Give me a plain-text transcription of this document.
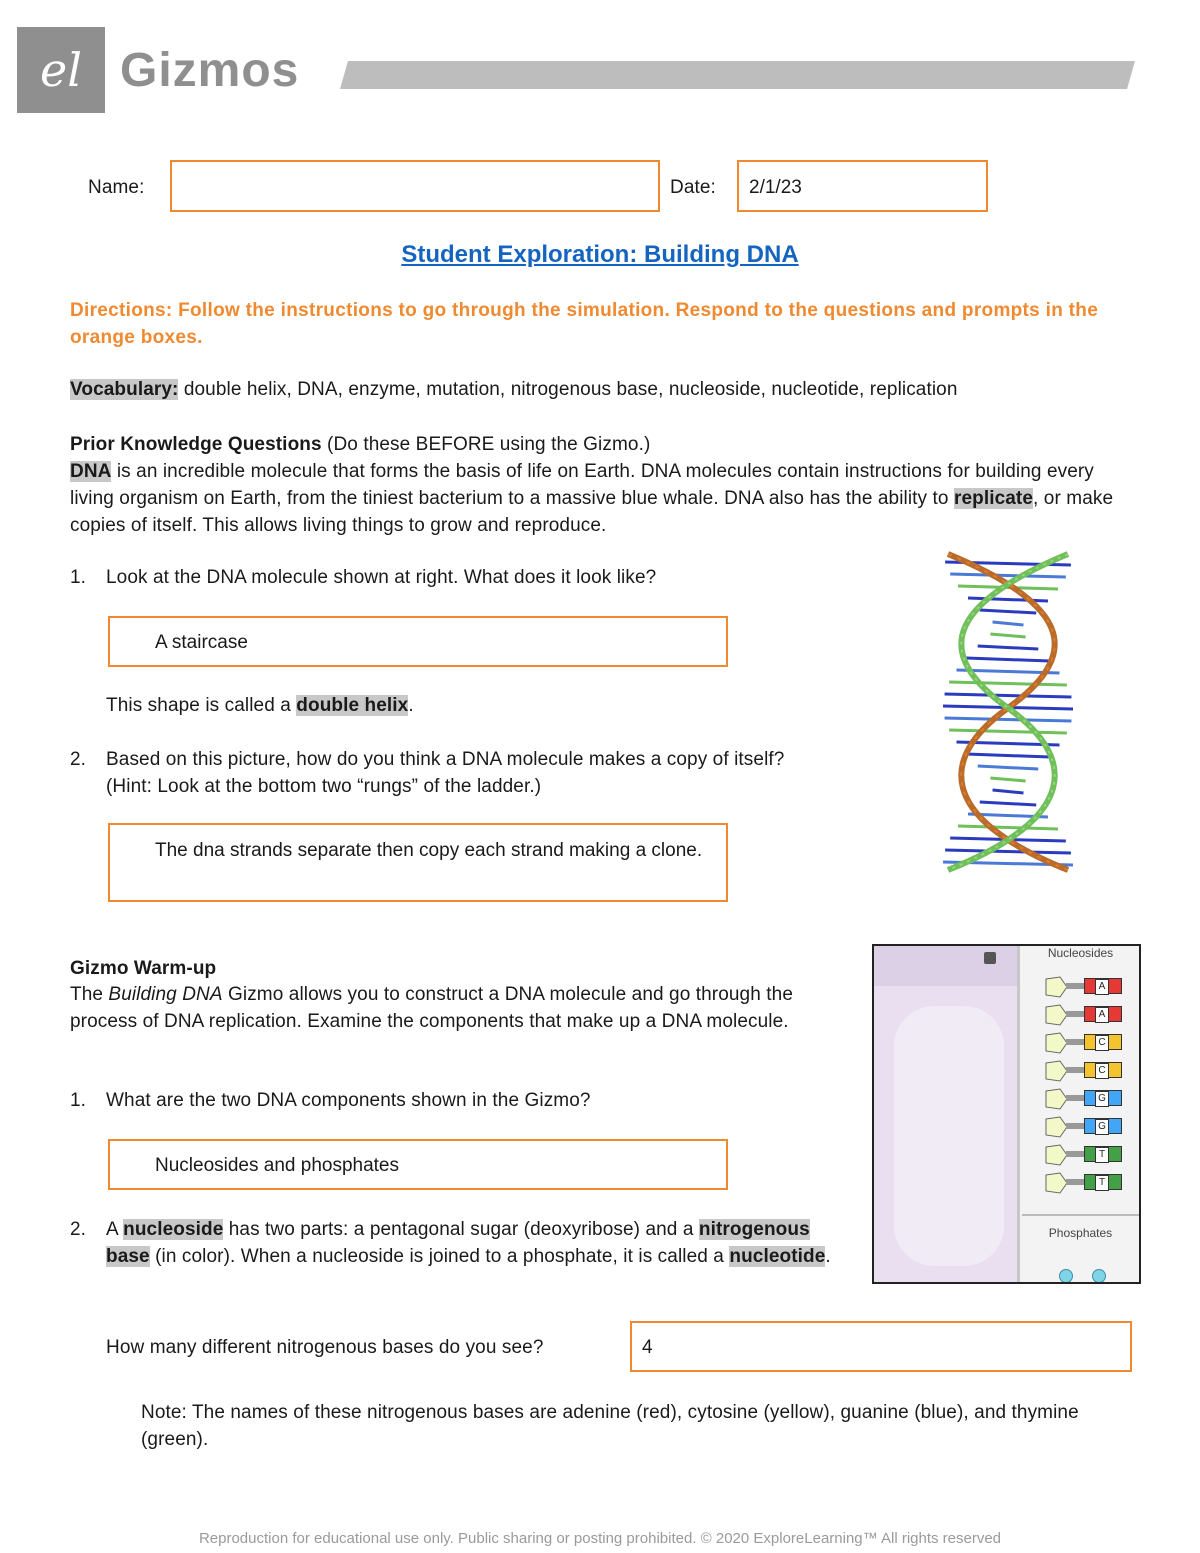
el Gizmos
Name:	Date: 2/1/23
Student Exploration: Building DNA
Directions: Follow the instructions to go through the simulation. Respond to the questions and prompts in the orange boxes.
Vocabulary: double helix, DNA, enzyme, mutation, nitrogenous base, nucleoside, nucleotide, replication
Prior Knowledge Questions (Do these BEFORE using the Gizmo.)
DNA is an incredible molecule that forms the basis of life on Earth. DNA molecules contain instructions for building every living organism on Earth, from the tiniest bacterium to a massive blue whale. DNA also has the ability to replicate, or make copies of itself. This allows living things to grow and reproduce.
1. Look at the DNA molecule shown at right. What does it look like?
A staircase
This shape is called a double helix.
2. Based on this picture, how do you think a DNA molecule makes a copy of itself?
(Hint: Look at the bottom two “rungs” of the ladder.)
The dna strands separate then copy each strand making a clone.
Gizmo Warm-up
The Building DNA Gizmo allows you to construct a DNA molecule and go through the process of DNA replication. Examine the components that make up a DNA molecule.
1. What are the two DNA components shown in the Gizmo?
Nucleosides and phosphates
2. A nucleoside has two parts: a pentagonal sugar (deoxyribose) and a nitrogenous base (in color). When a nucleoside is joined to a phosphate, it is called a nucleotide.
How many different nitrogenous bases do you see?	4
Note: The names of these nitrogenous bases are adenine (red), cytosine (yellow), guanine (blue), and thymine (green).
Nucleosides
Phosphates
A
A
C
C
G
G
T
T
Reproduction for educational use only. Public sharing or posting prohibited. © 2020 ExploreLearning™ All rights reserved
